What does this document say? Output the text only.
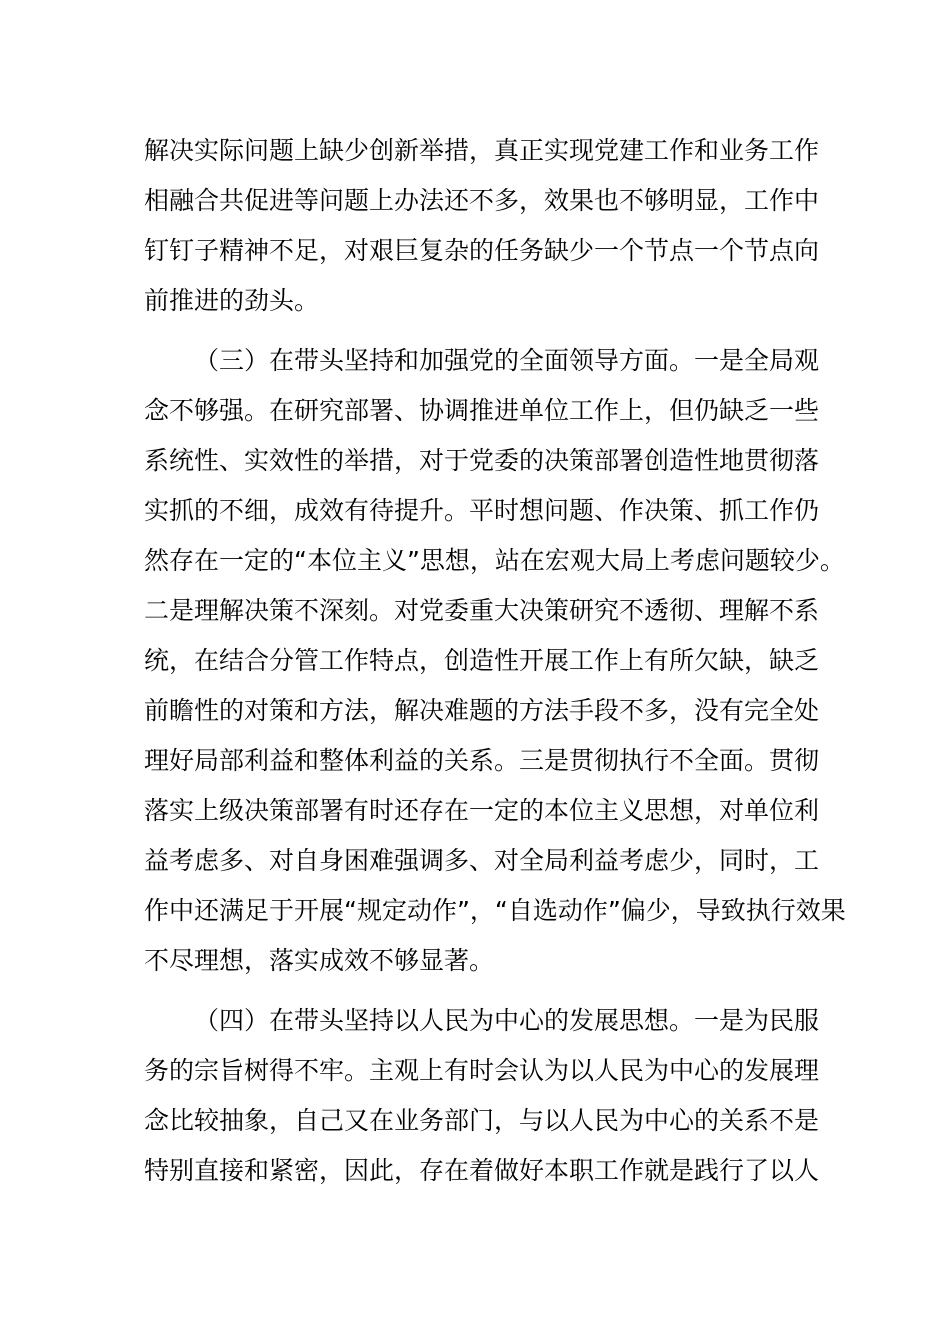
解决实际问题上缺少创新举措，真正实现党建工作和业务工作
相融合共促进等问题上办法还不多，效果也不够明显，工作中
钉钉子精神不足，对艰巨复杂的任务缺少一个节点一个节点向
前推进的劲头。
（三）在带头坚持和加强党的全面领导方面。一是全局观
念不够强。在研究部署、协调推进单位工作上，但仍缺乏一些
系统性、实效性的举措，对于党委的决策部署创造性地贯彻落
实抓的不细，成效有待提升。平时想问题、作决策、抓工作仍
然存在一定的“本位主义”思想，站在宏观大局上考虑问题较少。
二是理解决策不深刻。对党委重大决策研究不透彻、理解不系
统，在结合分管工作特点，创造性开展工作上有所欠缺，缺乏
前瞻性的对策和方法，解决难题的方法手段不多，没有完全处
理好局部利益和整体利益的关系。三是贯彻执行不全面。贯彻
落实上级决策部署有时还存在一定的本位主义思想，对单位利
益考虑多、对自身困难强调多、对全局利益考虑少，同时，工
作中还满足于开展“规定动作”，“自选动作”偏少，导致执行效果
不尽理想，落实成效不够显著。
（四）在带头坚持以人民为中心的发展思想。一是为民服
务的宗旨树得不牢。主观上有时会认为以人民为中心的发展理
念比较抽象，自己又在业务部门，与以人民为中心的关系不是
特别直接和紧密，因此，存在着做好本职工作就是践行了以人
